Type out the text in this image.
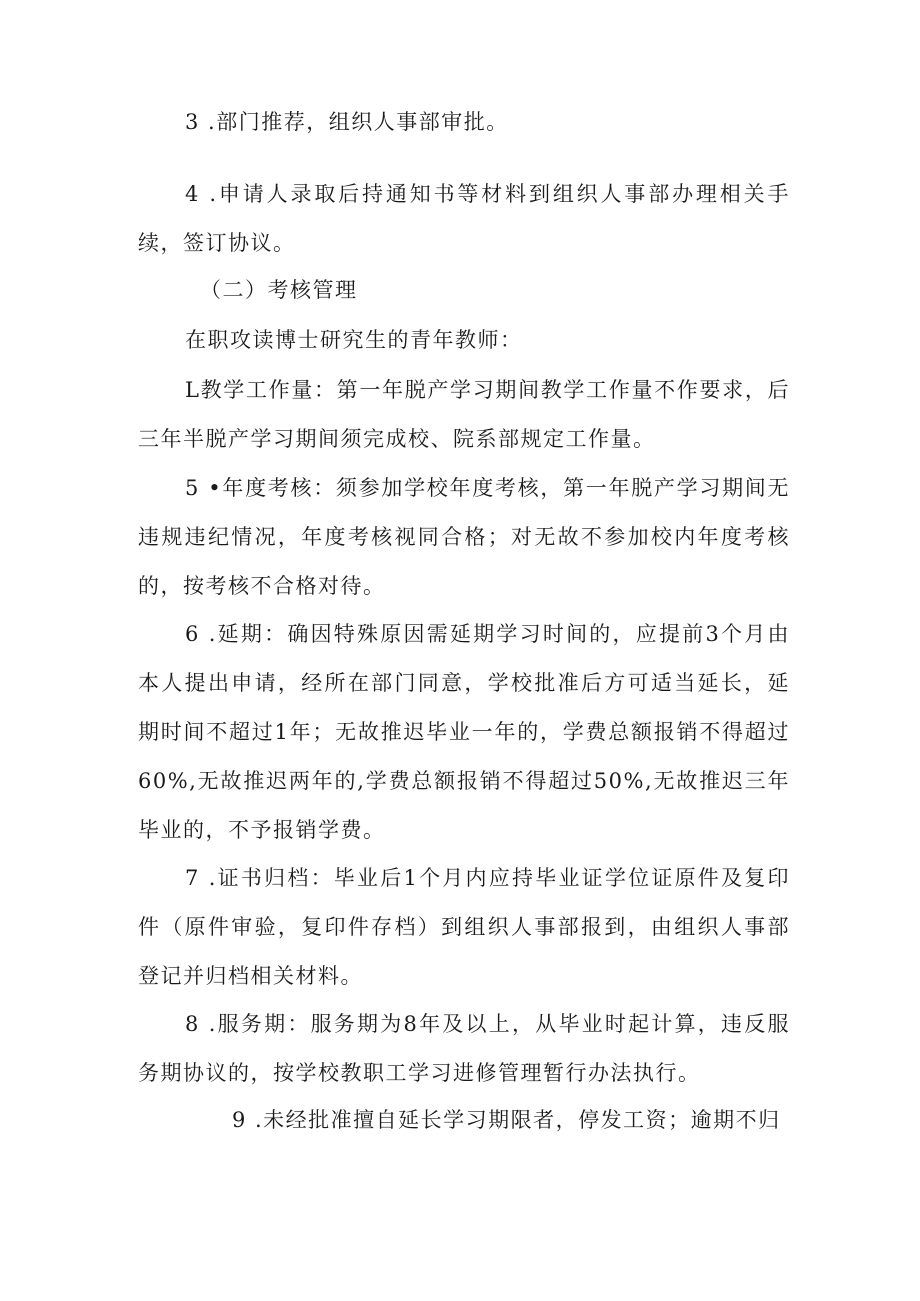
3 .部门推荐，组织人事部审批。

4 .申请人录取后持通知书等材料到组织人事部办理相关手续，签订协议。

（二）考核管理

在职攻读博士研究生的青年教师：

L教学工作量：第一年脱产学习期间教学工作量不作要求，后三年半脱产学习期间须完成校、院系部规定工作量。

5 •年度考核：须参加学校年度考核，第一年脱产学习期间无违规违纪情况，年度考核视同合格；对无故不参加校内年度考核的，按考核不合格对待。

6 .延期：确因特殊原因需延期学习时间的，应提前3个月由本人提出申请，经所在部门同意，学校批准后方可适当延长，延期时间不超过1年；无故推迟毕业一年的，学费总额报销不得超过60%,无故推迟两年的,学费总额报销不得超过50%,无故推迟三年毕业的，不予报销学费。

7 .证书归档：毕业后1个月内应持毕业证学位证原件及复印件（原件审验，复印件存档）到组织人事部报到，由组织人事部登记并归档相关材料。

8 .服务期：服务期为8年及以上，从毕业时起计算，违反服务期协议的，按学校教职工学习进修管理暂行办法执行。

9 .未经批准擅自延长学习期限者，停发工资；逾期不归
